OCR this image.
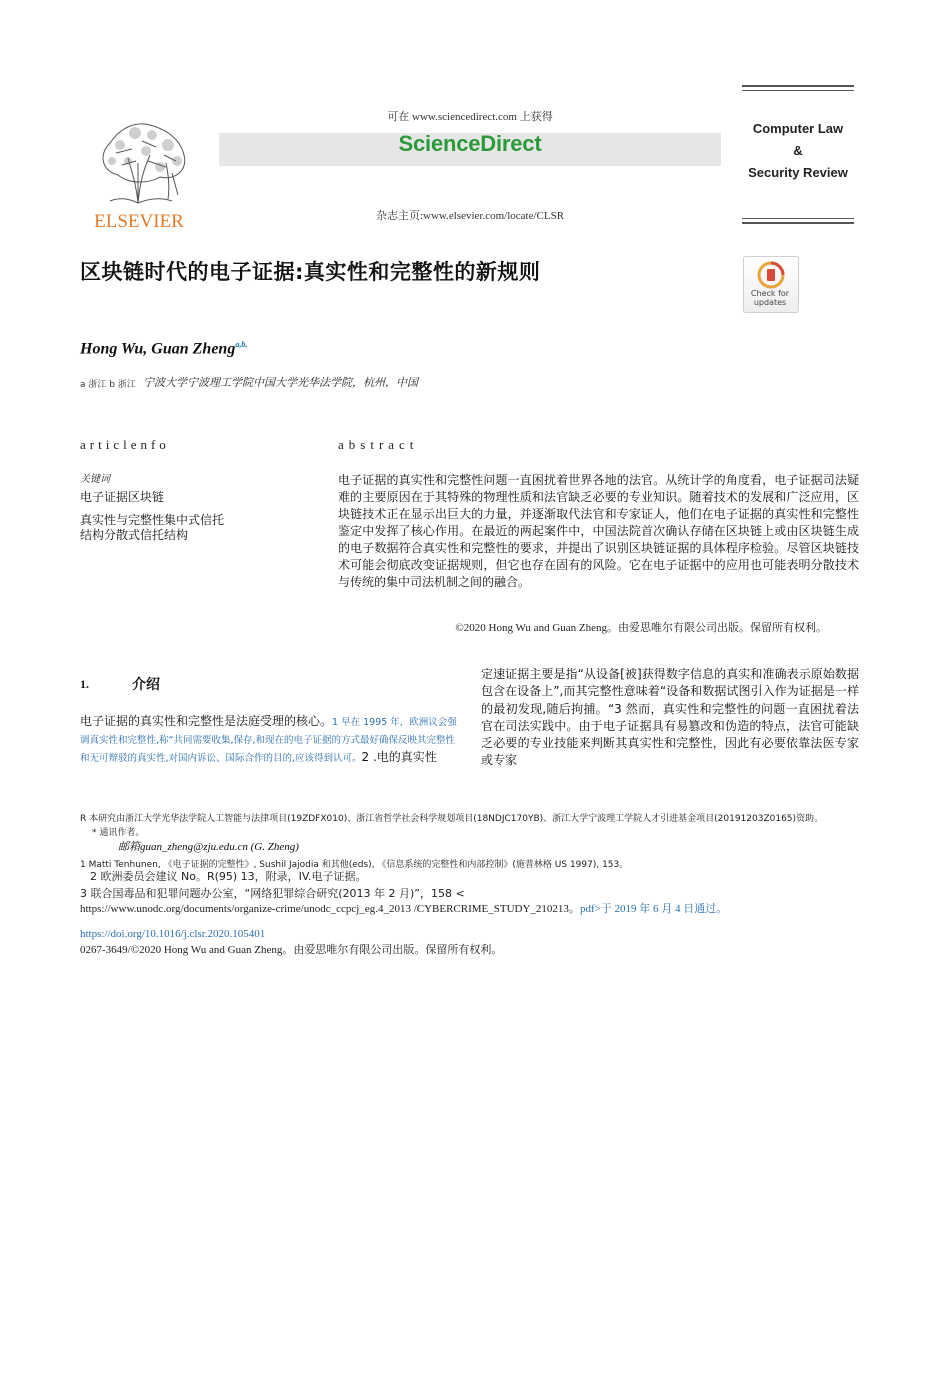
ELSEVIER
可在 www.sciencedirect.com 上获得
ScienceDirect
杂志主页:www.elsevier.com/locate/CLSR
Computer Law
&
Security Review
区块链时代的电子证据:真实性和完整性的新规则
Check for
updates
Hong Wu, Guan Zheng$^{a,b,}$
a 浙江 b 浙江 宁波大学宁波理工学院中国大学光华法学院，杭州，中国
articlenfo	abstract
关键词
电子证据区块链
真实性与完整性集中式信托
结构分散式信托结构
电子证据的真实性和完整性问题一直困扰着世界各地的法官。从统计学的角度看，电子证据司法疑难的主要原因在于其特殊的物理性质和法官缺乏必要的专业知识。随着技术的发展和广泛应用，区块链技术正在显示出巨大的力量，并逐渐取代法官和专家证人，他们在电子证据的真实性和完整性鉴定中发挥了核心作用。在最近的两起案件中，中国法院首次确认存储在区块链上或由区块链生成的电子数据符合真实性和完整性的要求，并提出了识别区块链证据的具体程序检验。尽管区块链技术可能会彻底改变证据规则，但它也存在固有的风险。它在电子证据中的应用也可能表明分散技术与传统的集中司法机制之间的融合。
©2020 Hong Wu and Guan Zheng。由爱思唯尔有限公司出版。保留所有权利。
1.	介绍
电子证据的真实性和完整性是法庭受理的核心。1 早在 1995 年，欧洲议会强调真实性和完整性,称“共同需要收集,保存,和现在的电子证据的方式最好确保反映其完整性和无可辩驳的真实性,对国内诉讼、国际合作的目的,应该得到认可。2 .电的真实性
定速证据主要是指“从设备[被]获得数字信息的真实和准确表示原始数据包含在设备上”,而其完整性意味着“设备和数据试图引入作为证据是一样的最初发现,随后拘捕。“3 然而，真实性和完整性的问题一直困扰着法官在司法实践中。由于电子证据具有易篡改和伪造的特点，法官可能缺乏必要的专业技能来判断其真实性和完整性，因此有必要依靠法医专家或专家
R 本研究由浙江大学光华法学院人工智能与法律项目(19ZDFX010)、浙江省哲学社会科学规划项目(18NDJC170YB)、浙江大学宁波理工学院人才引进基金项目(20191203Z0165)资助。
* 通讯作者。
邮箱guan_zheng@zju.edu.cn (G. Zheng)
1 Matti Tenhunen, 《电子证据的完整性》, Sushil Jajodia 和其他(eds), 《信息系统的完整性和内部控制》(施普林格 US 1997), 153。
2 欧洲委员会建议 No。R(95) 13，附录，IV.电子证据。
3 联合国毒品和犯罪问题办公室，“网络犯罪综合研究(2013 年 2 月)”，158 <
https://www.unodc.org/documents/organize-crime/unodc_ccpcj_eg.4_2013 /CYBERCRIME_STUDY_210213。pdf>于 2019 年 6 月 4 日通过。
https://doi.org/10.1016/j.clsr.2020.105401
0267-3649/©2020 Hong Wu and Guan Zheng。由爱思唯尔有限公司出版。保留所有权利。
